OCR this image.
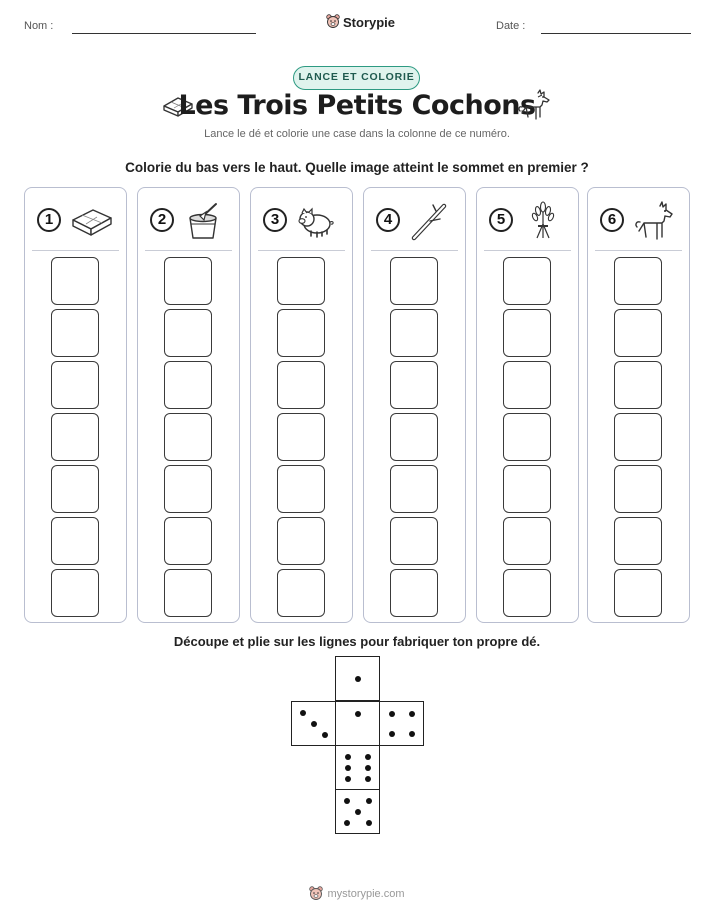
Nom :	Storypie	Date :
LANCE ET COLORIE
Les Trois Petits Cochons
Lance le dé et colorie une case dans la colonne de ce numéro.
Colorie du bas vers le haut. Quelle image atteint le sommet en premier ?
1	2	3	4	5	6
Découpe et plie sur les lignes pour fabriquer ton propre dé.
mystorypie.com
